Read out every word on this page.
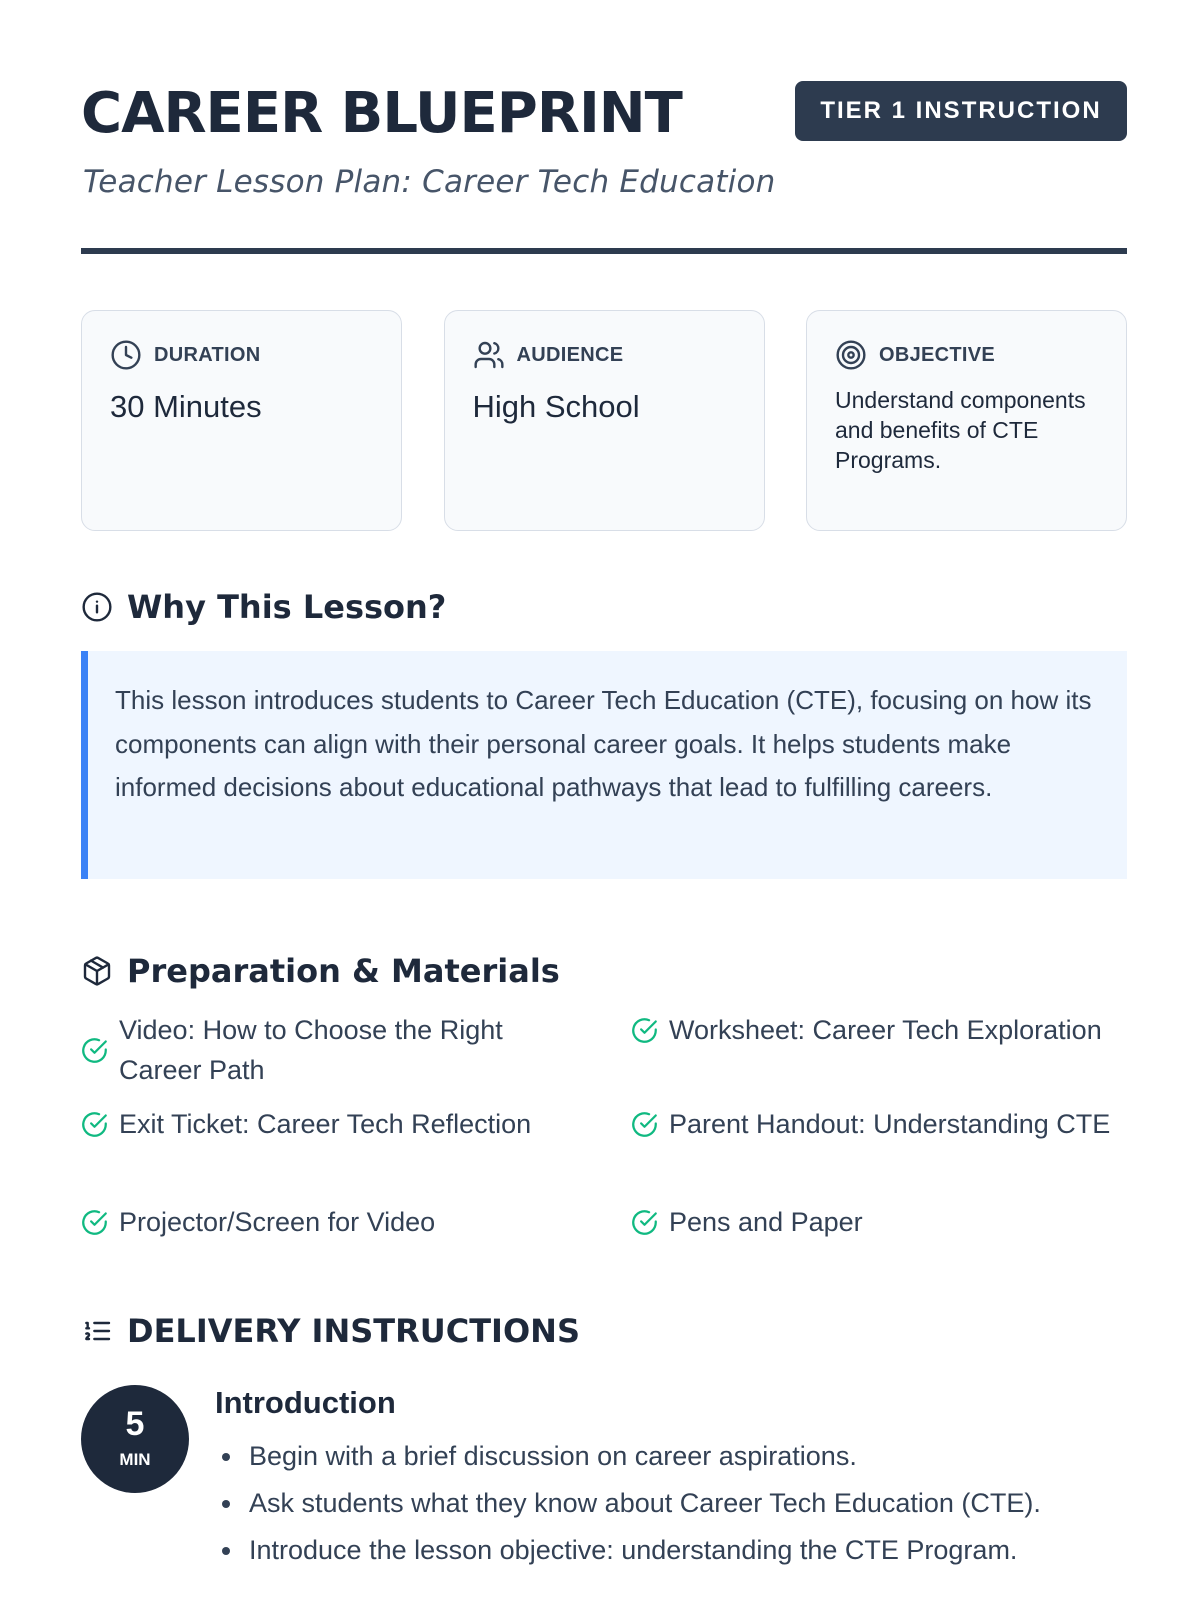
CAREER BLUEPRINT
Teacher Lesson Plan: Career Tech Education
TIER 1 INSTRUCTION
DURATION
30 Minutes
AUDIENCE
High School
OBJECTIVE
Understand components and benefits of CTE Programs.
Why This Lesson?

This lesson introduces students to Career Tech Education (CTE), focusing on how its components can align with their personal career goals. It helps students make informed decisions about educational pathways that lead to fulfilling careers.

Preparation & Materials
Video: How to Choose the Right Career Path
Worksheet: Career Tech Exploration
Exit Ticket: Career Tech Reflection	Parent Handout: Understanding CTE
Projector/Screen for Video	Pens and Paper
DELIVERY INSTRUCTIONS
5
MIN
Introduction
Begin with a brief discussion on career aspirations.
Ask students what they know about Career Tech Education (CTE).
Introduce the lesson objective: understanding the CTE Program.
